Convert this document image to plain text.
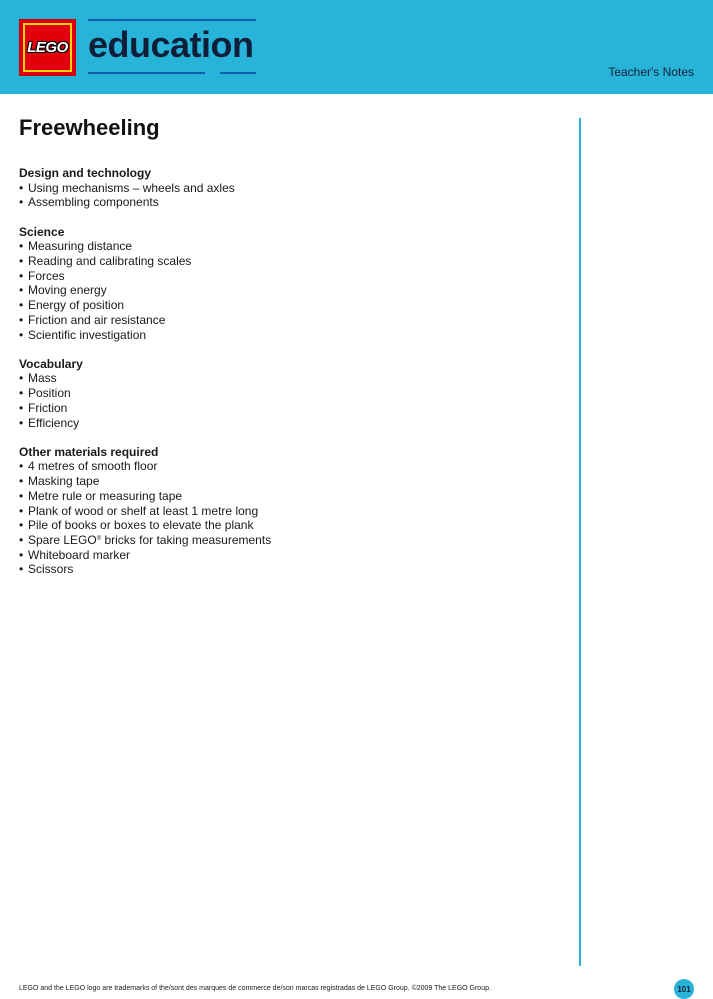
LEGO education
Teacher's Notes
Freewheeling
Design and technology
• Using mechanisms – wheels and axles
• Assembling components
Science
• Measuring distance
• Reading and calibrating scales
• Forces
• Moving energy
• Energy of position
• Friction and air resistance
• Scientific investigation
Vocabulary
• Mass
• Position
• Friction
• Efficiency
Other materials required
• 4 metres of smooth floor
• Masking tape
• Metre rule or measuring tape
• Plank of wood or shelf at least 1 metre long
• Pile of books or boxes to elevate the plank
• Spare LEGO® bricks for taking measurements
• Whiteboard marker
• Scissors
LEGO and the LEGO logo are trademarks of the/sont des marques de commerce de/son marcas registradas de LEGO Group. ©2009 The LEGO Group.	101
